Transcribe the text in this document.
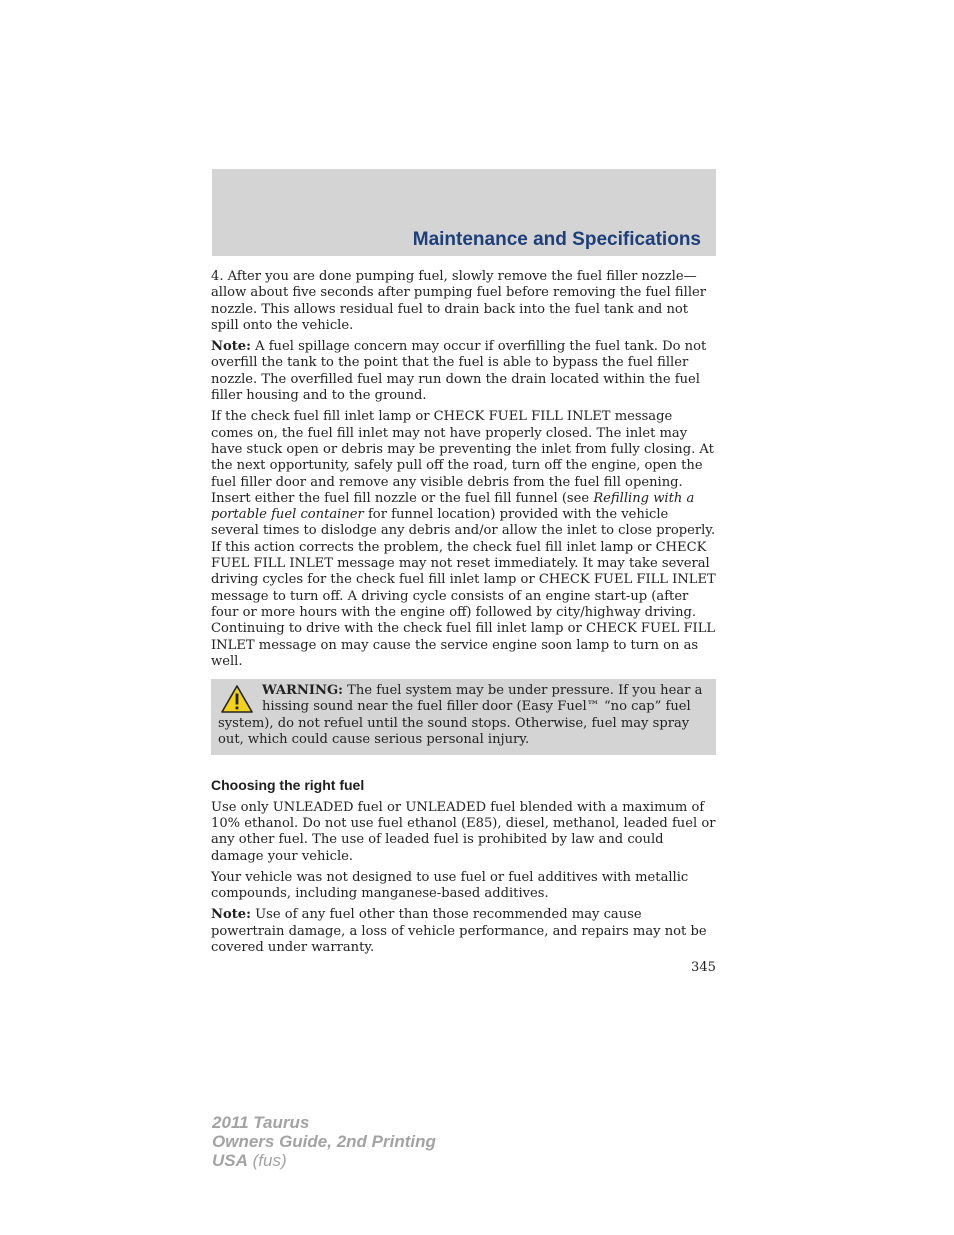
Maintenance and Specifications

4. After you are done pumping fuel, slowly remove the fuel filler nozzle—allow about five seconds after pumping fuel before removing the fuel filler nozzle. This allows residual fuel to drain back into the fuel tank and not spill onto the vehicle.

Note: A fuel spillage concern may occur if overfilling the fuel tank. Do not overfill the tank to the point that the fuel is able to bypass the fuel filler nozzle. The overfilled fuel may run down the drain located within the fuel filler housing and to the ground.

If the check fuel fill inlet lamp or CHECK FUEL FILL INLET message comes on, the fuel fill inlet may not have properly closed. The inlet may have stuck open or debris may be preventing the inlet from fully closing. At the next opportunity, safely pull off the road, turn off the engine, open the fuel filler door and remove any visible debris from the fuel fill opening. Insert either the fuel fill nozzle or the fuel fill funnel (see Refilling with a portable fuel container for funnel location) provided with the vehicle several times to dislodge any debris and/or allow the inlet to close properly. If this action corrects the problem, the check fuel fill inlet lamp or CHECK FUEL FILL INLET message may not reset immediately. It may take several driving cycles for the check fuel fill inlet lamp or CHECK FUEL FILL INLET message to turn off. A driving cycle consists of an engine start-up (after four or more hours with the engine off) followed by city/highway driving. Continuing to drive with the check fuel fill inlet lamp or CHECK FUEL FILL INLET message on may cause the service engine soon lamp to turn on as well.

WARNING: The fuel system may be under pressure. If you hear a hissing sound near the fuel filler door (Easy Fuel™ “no cap” fuel system), do not refuel until the sound stops. Otherwise, fuel may spray out, which could cause serious personal injury.
Choosing the right fuel

Use only UNLEADED fuel or UNLEADED fuel blended with a maximum of 10% ethanol. Do not use fuel ethanol (E85), diesel, methanol, leaded fuel or any other fuel. The use of leaded fuel is prohibited by law and could damage your vehicle.

Your vehicle was not designed to use fuel or fuel additives with metallic compounds, including manganese-based additives.

Note: Use of any fuel other than those recommended may cause powertrain damage, a loss of vehicle performance, and repairs may not be covered under warranty.

345
2011 Taurus
Owners Guide, 2nd Printing
USA (fus)
